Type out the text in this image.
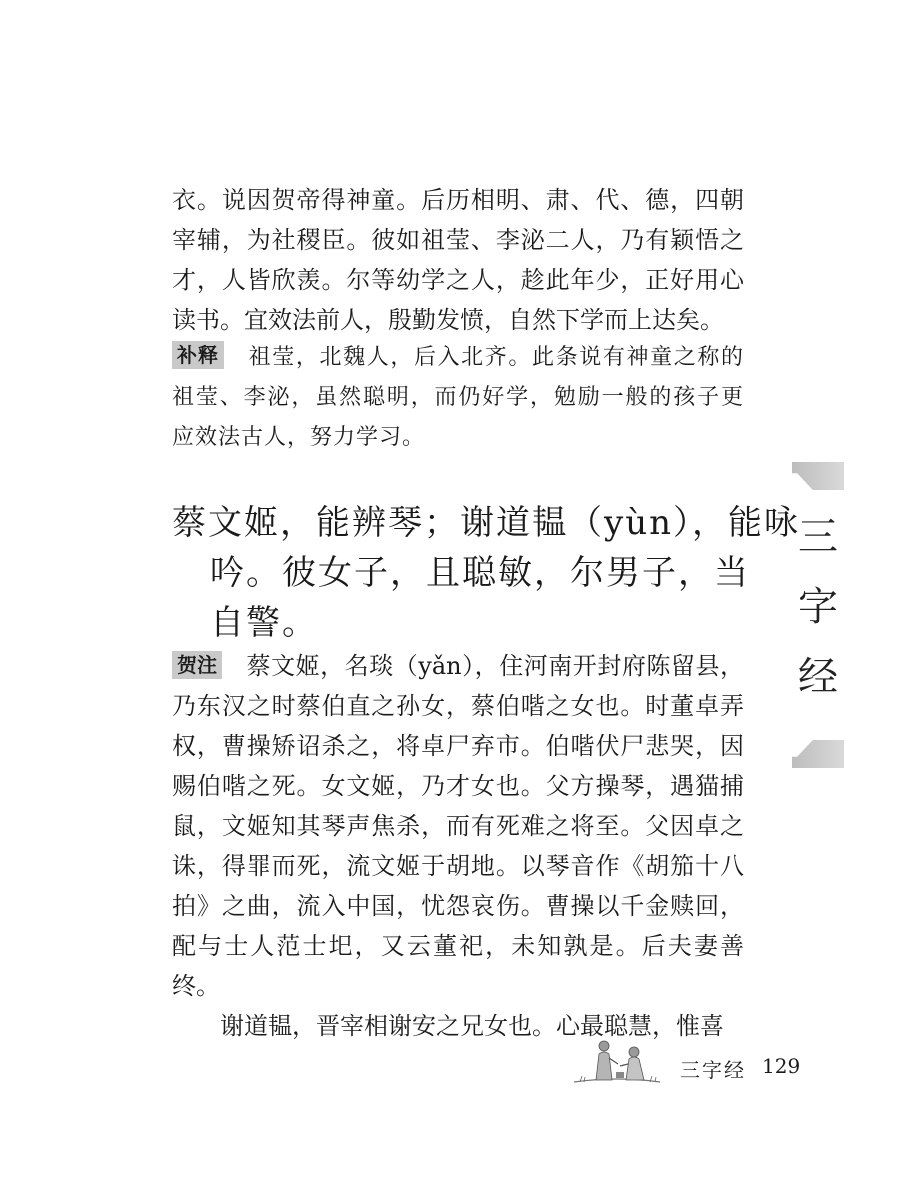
衣。说因贺帝得神童。后历相明、肃、代、德，四朝宰辅，为社稷臣。彼如祖莹、李泌二人，乃有颖悟之才，人皆欣羡。尔等幼学之人，趁此年少，正好用心读书。宜效法前人，殷勤发愤，自然下学而上达矣。

补释 祖莹，北魏人，后入北齐。此条说有神童之称的祖莹、李泌，虽然聪明，而仍好学，勉励一般的孩子更应效法古人，努力学习。

蔡文姬，能辨琴；谢道韫（yùn），能咏
吟。彼女子，且聪敏，尔男子，当
自警。

贺注 蔡文姬，名琰（yǎn），住河南开封府陈留县，乃东汉之时蔡伯直之孙女，蔡伯喈之女也。时董卓弄权，曹操矫诏杀之，将卓尸弃市。伯喈伏尸悲哭，因赐伯喈之死。女文姬，乃才女也。父方操琴，遇猫捕鼠，文姬知其琴声焦杀，而有死难之将至。父因卓之诛，得罪而死，流文姬于胡地。以琴音作《胡笳十八拍》之曲，流入中国，忧怨哀伤。曹操以千金赎回，配与士人范士圯，又云董祀，未知孰是。后夫妻善终。

谢道韫，晋宰相谢安之兄女也。心最聪慧，惟喜

三
字
经
三字经 129
